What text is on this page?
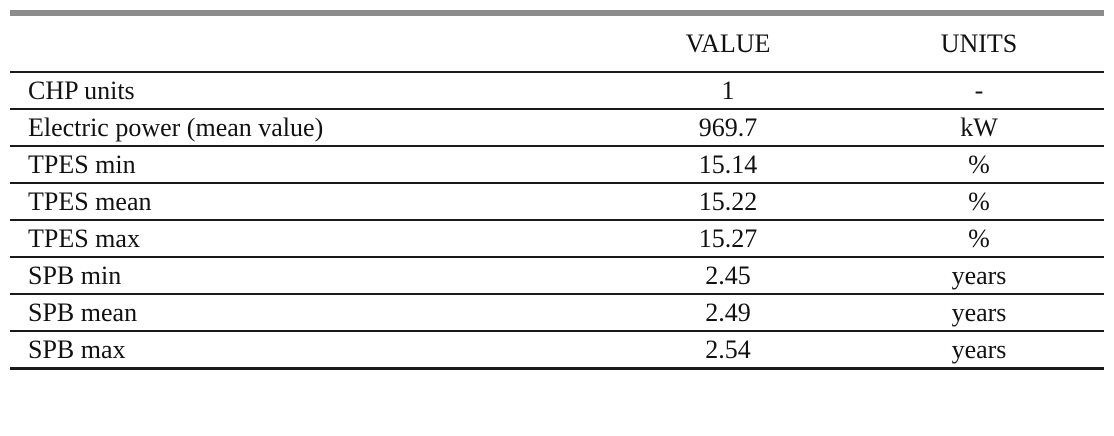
	VALUE	UNITS
CHP units	1	-
Electric power (mean value)	969.7	kW
TPES min	15.14	%
TPES mean	15.22	%
TPES max	15.27	%
SPB min	2.45	years
SPB mean	2.49	years
SPB max	2.54	years
